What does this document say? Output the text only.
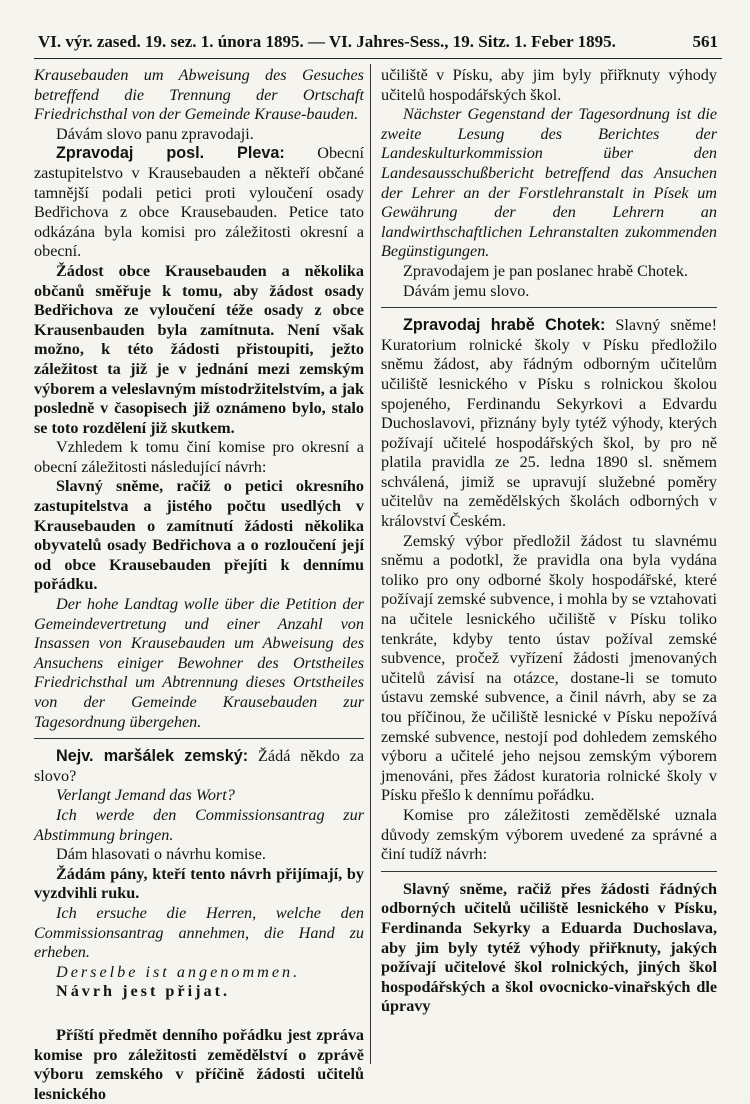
VI. výr. zased. 19. sez. 1. února 1895. — VI. Jahres-Sess., 19. Sitz. 1. Feber 1895.	561

Krausebauden um Abweisung des Gesuches betreffend die Trennung der Ortschaft Friedrichsthal von der Gemeinde Krause-bauden.

Dávám slovo panu zpravodaji.

Zpravodaj posl. Pleva: Obecní zastupitelstvo v Krausebauden a někteří občané tamnější podali petici proti vyloučení osady Bedřichova z obce Krausebauden. Petice tato odkázána byla komisi pro záležitosti okresní a obecní.

Žádost obce Krausebauden a několika občanů směřuje k tomu, aby žádost osady Bedřichova ze vyloučení téže osady z obce Krausenbauden byla zamítnuta. Není však možno, k této žádosti přistoupiti, ježto záležitost ta již je v jednání mezi zemským výborem a veleslavným místodržitelstvím, a jak posledně v časopisech již oznámeno bylo, stalo se toto rozdělení již skutkem.

Vzhledem k tomu činí komise pro okresní a obecní záležitosti následující návrh:

Slavný sněme, račiž o petici okresního zastupitelstva a jistého počtu usedlých v Krausebauden o zamítnutí žádosti několika obyvatelů osady Bedřichova a o rozloučení její od obce Krausebauden přejíti k dennímu pořádku.

Der hohe Landtag wolle über die Petition der Gemeindevertretung und einer Anzahl von Insassen von Krausebauden um Abweisung des Ansuchens einiger Bewohner des Ortstheiles Friedrichsthal um Abtrennung dieses Ortstheiles von der Gemeinde Krausebauden zur Tagesordnung übergehen.

Nejv. maršálek zemský: Žádá někdo za slovo?

Verlangt Jemand das Wort?

Ich werde den Commissionsantrag zur Abstimmung bringen.

Dám hlasovati o návrhu komise.

Žádám pány, kteří tento návrh přijímají, by vyzdvihli ruku.

Ich ersuche die Herren, welche den Commissionsantrag annehmen, die Hand zu erheben.

Derselbe ist angenommen.

Návrh jest přijat.

Příští předmět denního pořádku jest zpráva komise pro záležitosti zemědělství o zprávě výboru zemského v příčině žádosti učitelů lesnického

učiliště v Písku, aby jim byly přiřknuty výhody učitelů hospodářských škol.

Nächster Gegenstand der Tagesordnung ist die zweite Lesung des Berichtes der Landeskulturkommission über den Landesausschußbericht betreffend das Ansuchen der Lehrer an der Forstlehranstalt in Písek um Gewährung der den Lehrern an landwirthschaftlichen Lehranstalten zukommenden Begünstigungen.

Zpravodajem je pan poslanec hrabě Chotek.

Dávám jemu slovo.

Zpravodaj hrabě Chotek: Slavný sněme! Kuratorium rolnické školy v Písku předložilo sněmu žádost, aby řádným odborným učitelům učiliště lesnického v Písku s rolnickou školou spojeného, Ferdinandu Sekyrkovi a Edvardu Duchoslavovi, přiznány byly tytéž výhody, kterých požívají učitelé hospodářských škol, by pro ně platila pravidla ze 25. ledna 1890 sl. sněmem schválená, jimiž se upravují služebné poměry učitelův na zemědělských školách odborných v království Českém.

Zemský výbor předložil žádost tu slavnému sněmu a podotkl, že pravidla ona byla vydána toliko pro ony odborné školy hospodářské, které požívají zemské subvence, i mohla by se vztahovati na učitele lesnického učiliště v Písku toliko tenkráte, kdyby tento ústav požíval zemské subvence, pročež vyřízení žádosti jmenovaných učitelů závisí na otázce, dostane-li se tomuto ústavu zemské subvence, a činil návrh, aby se za tou příčinou, že učiliště lesnické v Písku nepožívá zemské subvence, nestojí pod dohledem zemského výboru a učitelé jeho nejsou zemským výborem jmenováni, přes žádost kuratoria rolnické školy v Písku přešlo k dennímu pořádku.

Komise pro záležitosti zemědělské uznala důvody zemským výborem uvedené za správné a činí tudíž návrh:

Slavný sněme, račiž přes žádosti řádných odborných učitelů učiliště lesnického v Písku, Ferdinanda Sekyrky a Eduarda Duchoslava, aby jim byly tytéž výhody přiřknuty, jakých požívají učitelové škol rolnických, jiných škol hospodářských a škol ovocnicko-vinařských dle úpravy
